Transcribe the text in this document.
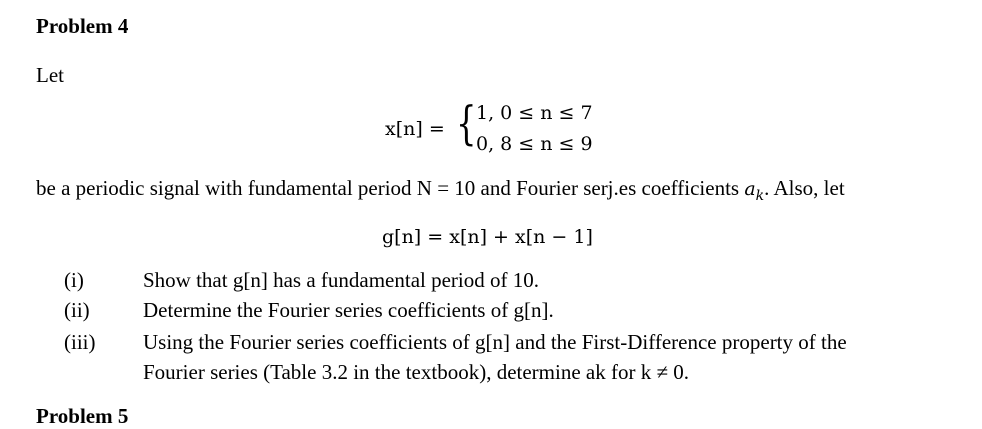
Problem 4
Let
x[n] = { 1, 0 ≤ n ≤ 7
0, 8 ≤ n ≤ 9
be a periodic signal with fundamental period N = 10 and Fourier serj.es coefficients $a_k$. Also, let
g[n] = x[n] + x[n − 1]
(i)	Show that g[n] has a fundamental period of 10.
(ii)	Determine the Fourier series coefficients of g[n].
(iii) Using the Fourier series coefficients of g[n] and the First-Difference property of the
Fourier series (Table 3.2 in the textbook), determine ak for k ≠ 0.
Problem 5
